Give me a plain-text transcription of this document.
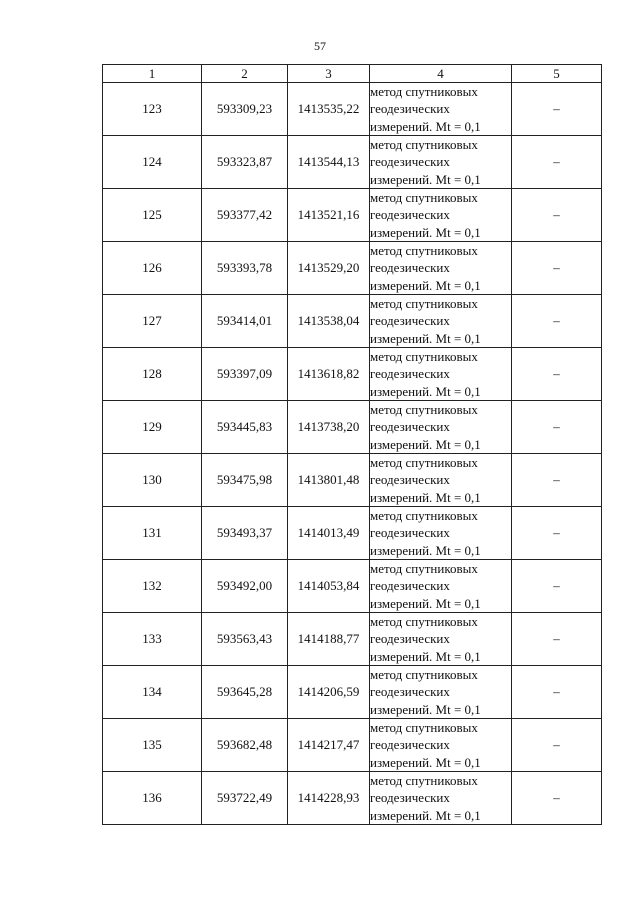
57
1	2	3	4	5
123	593309,23	1413535,22	метод спутниковых
геодезических
измерений. Mt = 0,1	–
124	593323,87	1413544,13	метод спутниковых
геодезических
измерений. Mt = 0,1	–
125	593377,42	1413521,16	метод спутниковых
геодезических
измерений. Mt = 0,1	–
126	593393,78	1413529,20	метод спутниковых
геодезических
измерений. Mt = 0,1	–
127	593414,01	1413538,04	метод спутниковых
геодезических
измерений. Mt = 0,1	–
128	593397,09	1413618,82	метод спутниковых
геодезических
измерений. Mt = 0,1	–
129	593445,83	1413738,20	метод спутниковых
геодезических
измерений. Mt = 0,1	–
130	593475,98	1413801,48	метод спутниковых
геодезических
измерений. Mt = 0,1	–
131	593493,37	1414013,49	метод спутниковых
геодезических
измерений. Mt = 0,1	–
132	593492,00	1414053,84	метод спутниковых
геодезических
измерений. Mt = 0,1	–
133	593563,43	1414188,77	метод спутниковых
геодезических
измерений. Mt = 0,1	–
134	593645,28	1414206,59	метод спутниковых
геодезических
измерений. Mt = 0,1	–
135	593682,48	1414217,47	метод спутниковых
геодезических
измерений. Mt = 0,1	–
136	593722,49	1414228,93	метод спутниковых
геодезических
измерений. Mt = 0,1	–
